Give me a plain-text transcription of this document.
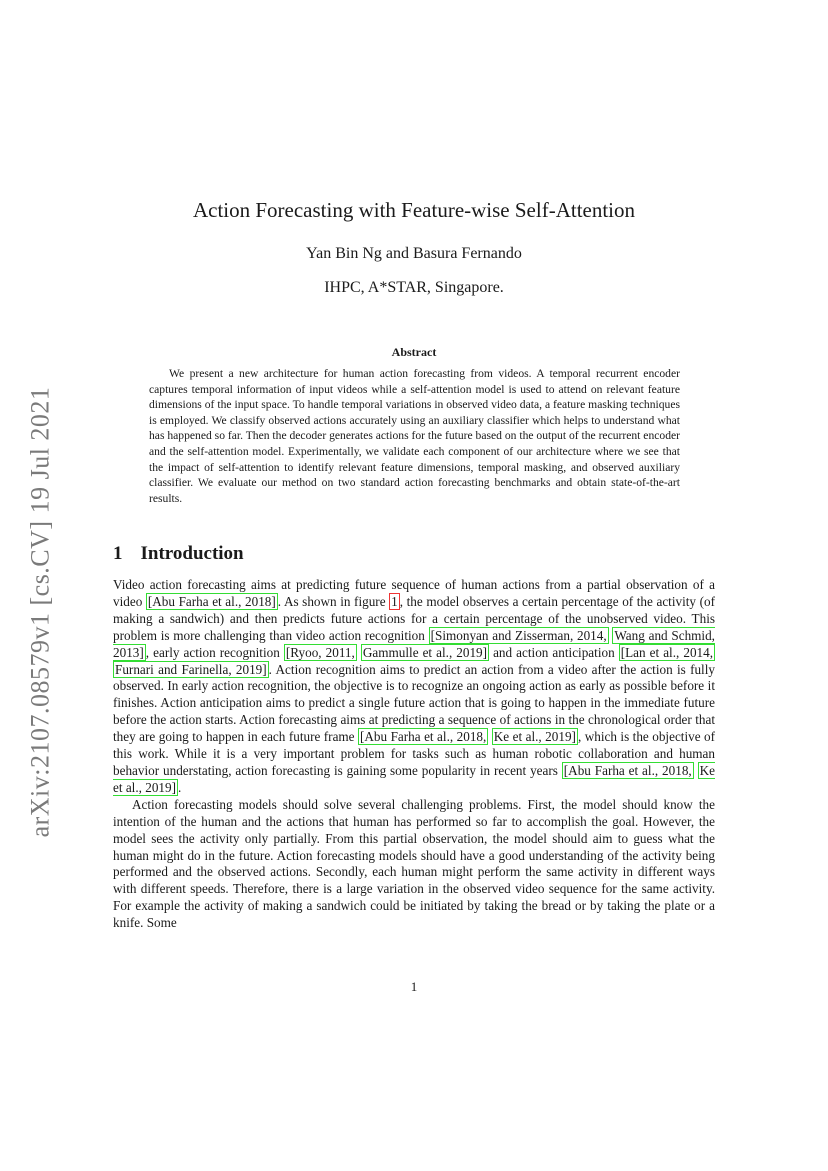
arXiv:2107.08579v1 [cs.CV] 19 Jul 2021
Action Forecasting with Feature-wise Self-Attention
Yan Bin Ng and Basura Fernando
IHPC, A*STAR, Singapore.
Abstract
We present a new architecture for human action forecasting from videos. A temporal recurrent encoder captures temporal information of input videos while a self-attention model is used to attend on relevant feature dimensions of the input space. To handle temporal variations in observed video data, a feature masking techniques is employed. We classify observed actions accurately using an auxiliary classifier which helps to understand what has happened so far. Then the decoder generates actions for the future based on the output of the recurrent encoder and the self-attention model. Experimentally, we validate each component of our architecture where we see that the impact of self-attention to identify relevant feature dimensions, temporal masking, and observed auxiliary classifier. We evaluate our method on two standard action forecasting benchmarks and obtain state-of-the-art results.
1 Introduction

Video action forecasting aims at predicting future sequence of human actions from a partial observation of a video [Abu Farha et al., 2018] . As shown in figure 1 , the model observes a certain percentage of the activity (of making a sandwich) and then predicts future actions for a certain percentage of the unobserved video. This problem is more challenging than video action recognition [Simonyan and Zisserman, 2014, Wang and Schmid, 2013] , early action recognition [Ryoo, 2011, Gammulle et al., 2019] and action anticipation [Lan et al., 2014, Furnari and Farinella, 2019] . Action recognition aims to predict an action from a video after the action is fully observed. In early action recognition, the objective is to recognize an ongoing action as early as possible before it finishes. Action anticipation aims to predict a single future action that is going to happen in the immediate future before the action starts. Action forecasting aims at predicting a sequence of actions in the chronological order that they are going to happen in each future frame [Abu Farha et al., 2018, Ke et al., 2019] , which is the objective of this work. While it is a very important problem for tasks such as human robotic collaboration and human behavior understating, action forecasting is gaining some popularity in recent years [Abu Farha et al., 2018, Ke et al., 2019] .

Action forecasting models should solve several challenging problems. First, the model should know the intention of the human and the actions that human has performed so far to accomplish the goal. However, the model sees the activity only partially. From this partial observation, the model should aim to guess what the human might do in the future. Action forecasting models should have a good understanding of the activity being performed and the observed actions. Secondly, each human might perform the same activity in different ways with different speeds. Therefore, there is a large variation in the observed video sequence for the same activity. For example the activity of making a sandwich could be initiated by taking the bread or by taking the plate or a knife. Some

1
